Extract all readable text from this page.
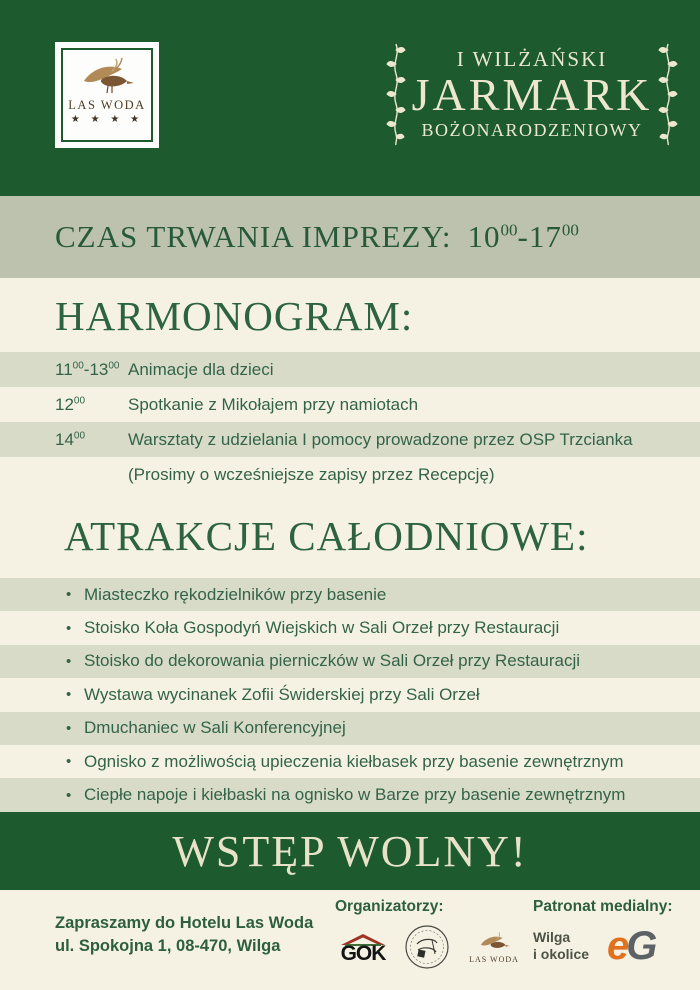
LAS WODA
★ ★ ★ ★
I WILŻAŃSKI
JARMARK
BOŻONARODZENIOWY
CZAS TRWANIA IMPREZY: $10^{00}-17^{00}$
HARMONOGRAM:
$11^{00}-13^{00}$ Animacje dla dzieci
$12^{00}$	Spotkanie z Mikołajem przy namiotach
$14^{00}$	Warsztaty z udzielania I pomocy prowadzone przez OSP Trzcianka
(Prosimy o wcześniejsze zapisy przez Recepcję)
ATRAKCJE CAŁODNIOWE:
• Miasteczko rękodzielników przy basenie
• Stoisko Koła Gospodyń Wiejskich w Sali Orzeł przy Restauracji
• Stoisko do dekorowania pierniczków w Sali Orzeł przy Restauracji
• Wystawa wycinanek Zofii Świderskiej przy Sali Orzeł
• Dmuchaniec w Sali Konferencyjnej
• Ognisko z możliwością upieczenia kiełbasek przy basenie zewnętrznym
• Ciepłe napoje i kiełbaski na ognisko w Barze przy basenie zewnętrznym
WSTĘP WOLNY!
Zapraszamy do Hotelu Las Woda
ul. Spokojna 1, 08-470, Wilga
Organizatorzy:
GOK	LAS WODA
Patronat medialny:
Wilga
i okolice eG
